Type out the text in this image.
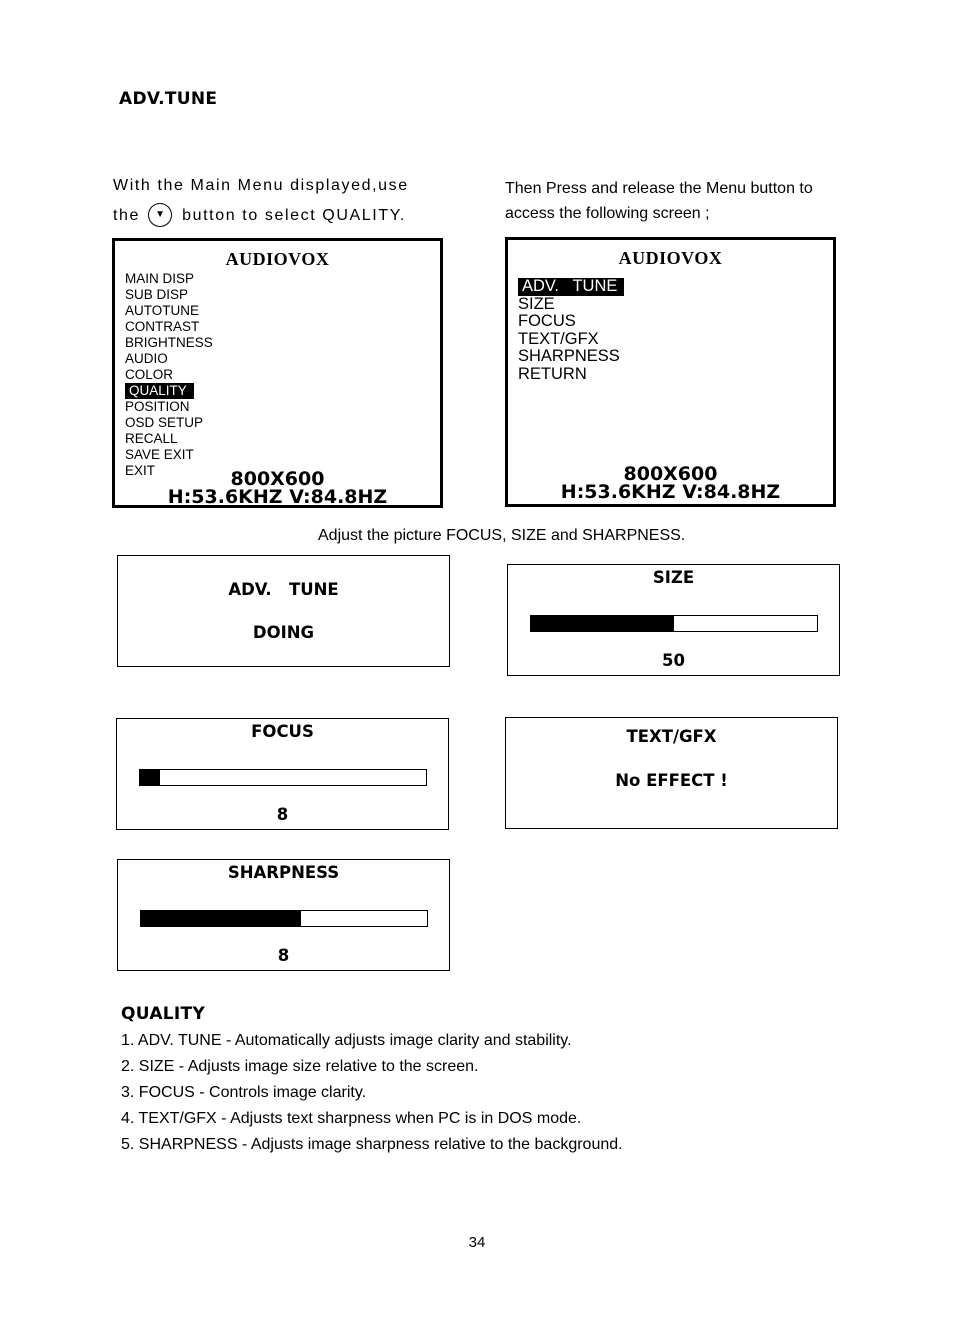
ADV.TUNE
With the Main Menu displayed,use
the ▼ button to select QUALITY.
Then Press and release the Menu button to
access the following screen ;
AUDIOVOX
MAIN DISP
SUB DISP
AUTOTUNE
CONTRAST
BRIGHTNESS
AUDIO
COLOR
QUALITY
POSITION
OSD SETUP
RECALL
SAVE EXIT
EXIT	800X600
H:53.6KHZ V:84.8HZ
AUDIOVOX
ADV.   TUNE
SIZE
FOCUS
TEXT/GFX
SHARPNESS
RETURN
800X600
H:53.6KHZ V:84.8HZ
Adjust the picture FOCUS, SIZE and SHARPNESS.
ADV.   TUNE
DOING
SIZE
50
FOCUS
8
TEXT/GFX
No EFFECT !
SHARPNESS
8
QUALITY
1. ADV. TUNE - Automatically adjusts image clarity and stability.
2. SIZE - Adjusts image size relative to the screen.
3. FOCUS - Controls image clarity.
4. TEXT/GFX - Adjusts text sharpness when PC is in DOS mode.
5. SHARPNESS - Adjusts image sharpness relative to the background.
34
